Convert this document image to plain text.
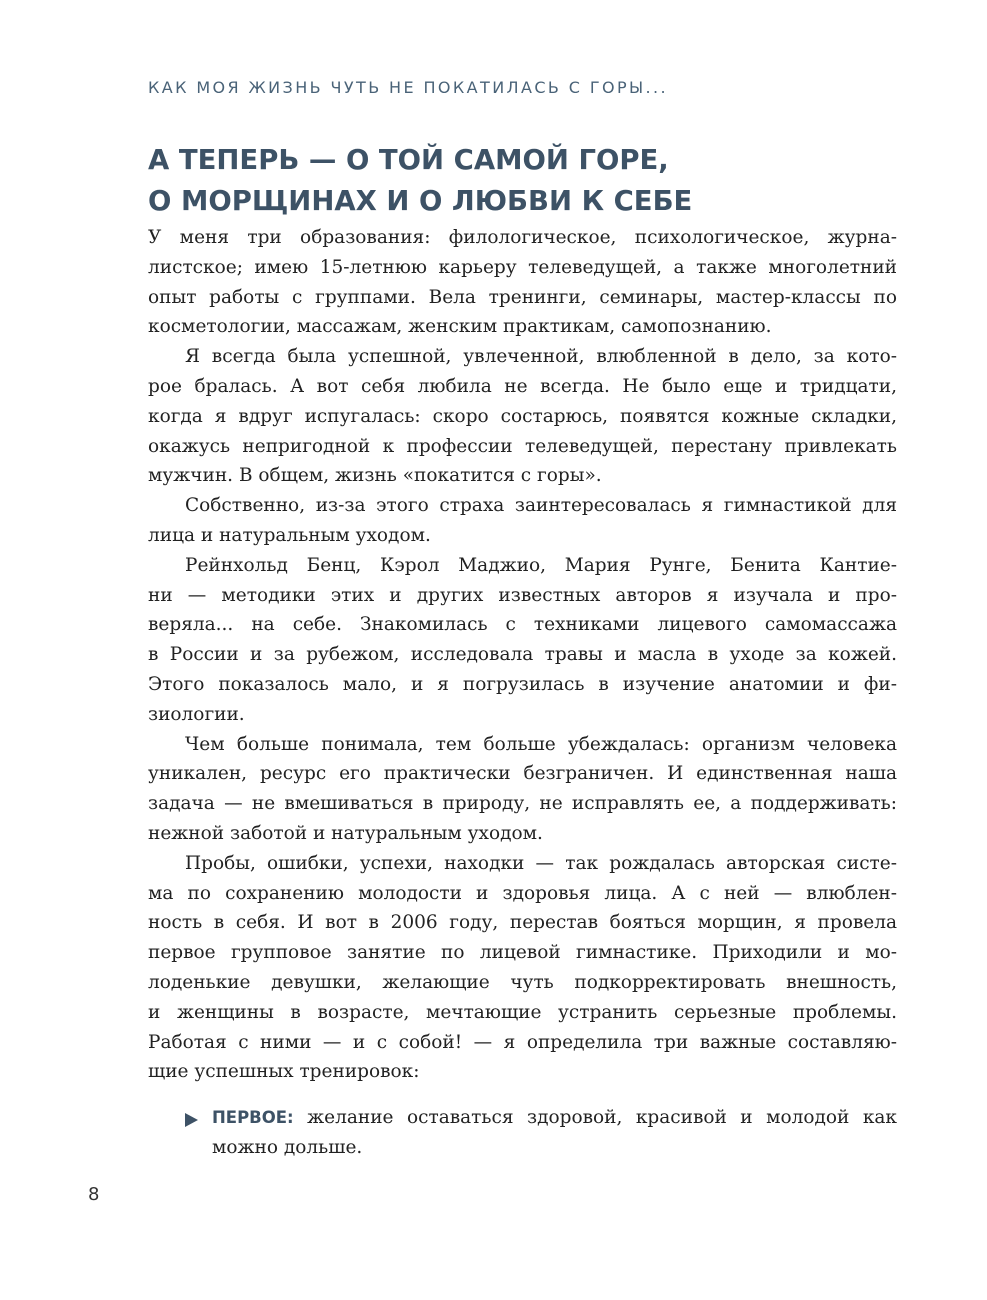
КАК МОЯ ЖИЗНЬ ЧУТЬ НЕ ПОКАТИЛАСЬ С ГОРЫ...
А ТЕПЕРЬ — О ТОЙ САМОЙ ГОРЕ,
О МОРЩИНАХ И О ЛЮБВИ К СЕБЕ

У меня три образования: филологическое, психологическое, журна-
листское; имею 15-летнюю карьеру телеведущей, а также многолетний
опыт работы с группами. Вела тренинги, семинары, мастер-классы по
косметологии, массажам, женским практикам, самопознанию.

Я всегда была успешной, увлеченной, влюбленной в дело, за кото-
рое бралась. А вот себя любила не всегда. Не было еще и тридцати,
когда я вдруг испугалась: скоро состарюсь, появятся кожные складки,
окажусь непригодной к профессии телеведущей, перестану привлекать
мужчин. В общем, жизнь «покатится с горы».

Собственно, из-за этого страха заинтересовалась я гимнастикой для
лица и натуральным уходом.

Рейнхольд Бенц, Кэрол Маджио, Мария Рунге, Бенита Кантие-
ни — методики этих и других известных авторов я изучала и про-
веряла... на себе. Знакомилась с техниками лицевого самомассажа
в России и за рубежом, исследовала травы и масла в уходе за кожей.
Этого показалось мало, и я погрузилась в изучение анатомии и фи-
зиологии.

Чем больше понимала, тем больше убеждалась: организм человека
уникален, ресурс его практически безграничен. И единственная наша
задача — не вмешиваться в природу, не исправлять ее, а поддерживать:
нежной заботой и натуральным уходом.

Пробы, ошибки, успехи, находки — так рождалась авторская систе-
ма по сохранению молодости и здоровья лица. А с ней — влюблен-
ность в себя. И вот в 2006 году, перестав бояться морщин, я провела
первое групповое занятие по лицевой гимнастике. Приходили и мо-
лоденькие девушки, желающие чуть подкорректировать внешность,
и женщины в возрасте, мечтающие устранить серьезные проблемы.
Работая с ними — и с собой! — я определила три важные составляю-
щие успешных тренировок:

ПЕРВОЕ: желание оставаться здоровой, красивой и молодой как
можно дольше.
8
